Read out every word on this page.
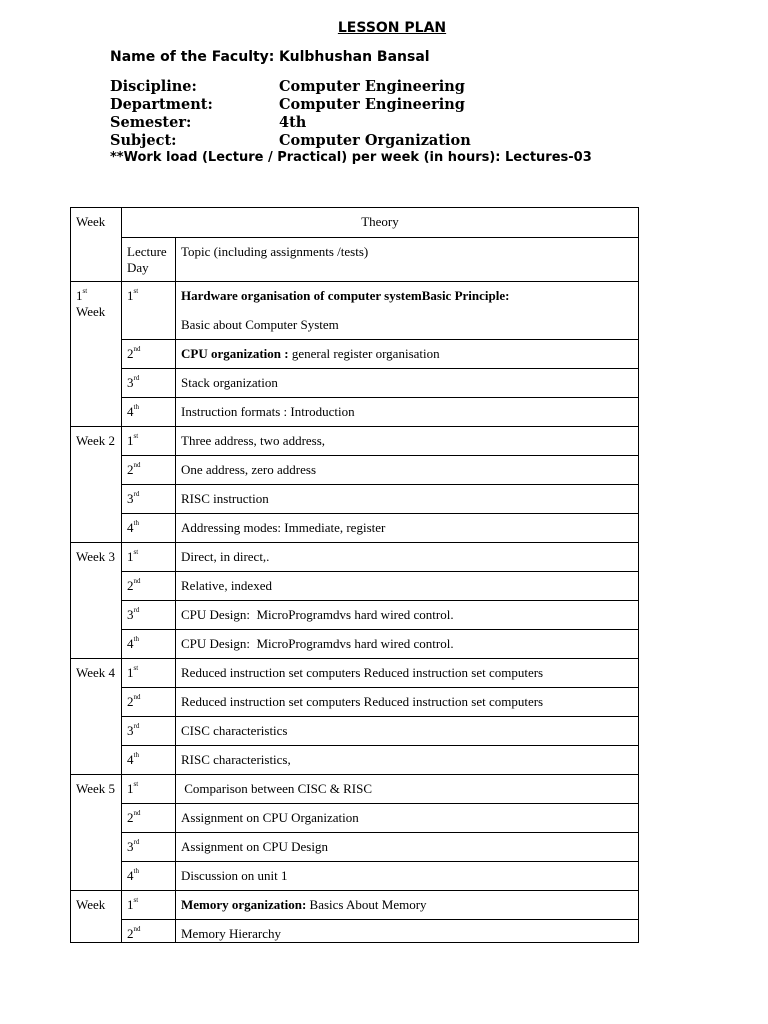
LESSON PLAN
Name of the Faculty: Kulbhushan Bansal
Discipline:	Computer Engineering
Department:	Computer Engineering
Semester:	4th
Subject:	Computer Organization
**Work load (Lecture / Practical) per week (in hours): Lectures-03
Week	Theory	
	Lecture Day	Topic (including assignments /tests)
1st
Week	1st	Hardware organisation of computer systemBasic Principle:
Basic about Computer System

	2nd	CPU organization : general register organisation
	3rd	Stack organization
	4th	Instruction formats : Introduction
Week 2	1st	Three address, two address,
	2nd	One address, zero address
	3rd	RISC instruction
	4th	Addressing modes: Immediate, register
Week 3	1st	Direct, in direct,.
	2nd	Relative, indexed
	3rd	CPU Design:  MicroProgramdvs hard wired control.
	4th	CPU Design:  MicroProgramdvs hard wired control.
Week 4	1st	Reduced instruction set computers Reduced instruction set computers
	2nd	Reduced instruction set computers Reduced instruction set computers
	3rd	CISC characteristics
	4th	RISC characteristics,
Week 5	1st	Comparison between CISC & RISC
	2nd	Assignment on CPU Organization
	3rd	Assignment on CPU Design
	4th	Discussion on unit 1
Week	1st	Memory organization: Basics About Memory
	2nd	Memory Hierarchy
